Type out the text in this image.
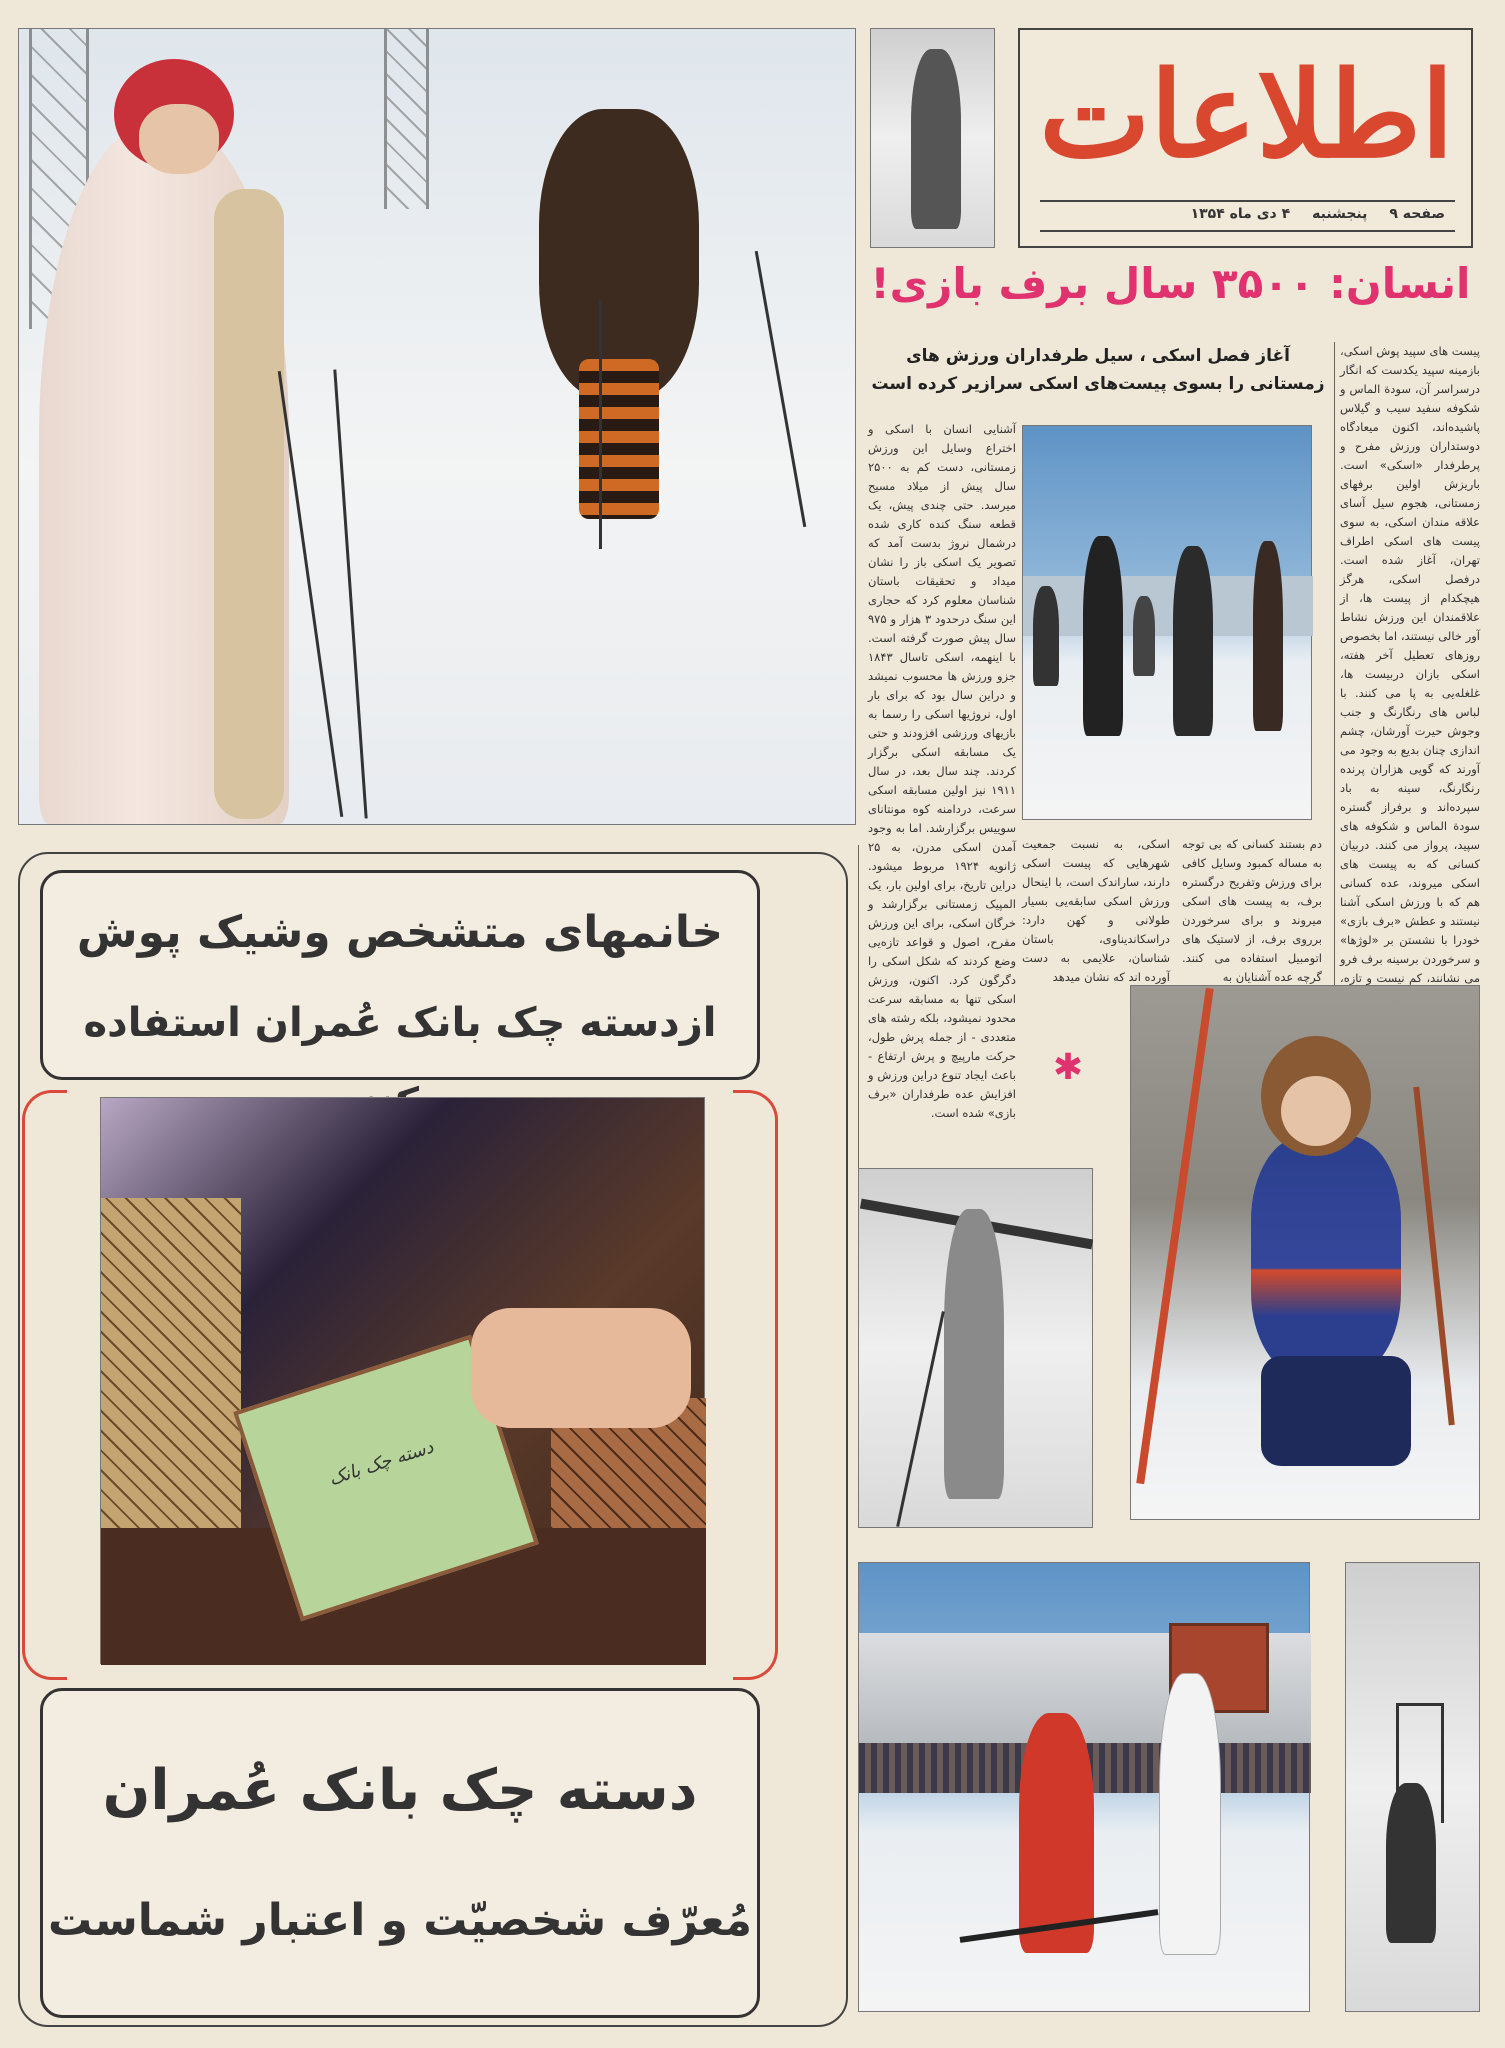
اطلاعات
صفحه ۹
پنجشنبه
۴ دی ماه ۱۳۵۴
انسان: ۳۵۰۰ سال برف بازی!
آغاز فصل اسکی ، سیل طرفداران ورزش های
زمستانی را بسوی پیست‌های اسکی سرازیر کرده است
پیست های سپید پوش اسکی، بازمینه سپید یکدست که انگار درسراسر آن، سودة الماس و شکوفه سفید سیب و گیلاس پاشیده‌اند، اکنون میعادگاه دوستداران ورزش مفرح و پرطرفدار «اسکی» است. باریزش اولین برفهای زمستانی، هجوم سیل آسای علاقه مندان اسکی، به سوی پیست های اسکی اطراف تهران، آغاز شده است. درفصل اسکی، هرگز هیچکدام از پیست ها، از علاقمندان این ورزش نشاط آور خالی نیستند، اما بخصوص روزهای تعطیل آخر هفته، اسکی بازان دربیست ها، غلغله‌یی به پا می کنند. با لباس های رنگارنگ و جنب وجوش حیرت آورشان، چشم اندازی چنان بدیع به وجود می آورند که گویی هزاران پرنده رنگارنگ، سینه به باد سپرده‌اند و برفراز گستره سودة الماس و شکوفه های سپید، پرواز می کنند. دربیان کسانی که به پیست های اسکی میروند، عده کسانی هم که با ورزش اسکی آشنا نیستند و عطش «برف بازی» خودرا با نشستن بر «لوژها» و سرخوردن برسینه برف فرو می نشانند، کم نیست و تازه،
آشنایی انسان با اسکی و اختراع وسایل این ورزش زمستانی، دست کم به ۲۵۰۰ سال پیش از میلاد مسیح میرسد. حتی چندی پیش، یک قطعه سنگ کنده کاری شده درشمال نروژ بدست آمد که تصویر یک اسکی باز را نشان میداد و تحقیقات باستان شناسان معلوم کرد که حجاری این سنگ درحدود ۳ هزار و ۹۷۵ سال پیش صورت گرفته است. با اینهمه، اسکی تاسال ۱۸۴۳ جزو ورزش ها محسوب نمیشد و دراین سال بود که برای بار اول، نروژیها اسکی را رسما به بازیهای ورزشی افزودند و حتی یک مسابقه اسکی برگزار کردند. چند سال بعد، در سال ۱۹۱۱ نیز اولین مسابقه اسکی سرعت، دردامنه کوه مونتانای سوییس برگزارشد. اما به وجود آمدن اسکی مدرن، به ۲۵ ژانویه ۱۹۲۴ مربوط میشود. دراین تاریخ، برای اولین بار، یک المپیک زمستانی برگزارشد و خرگان اسکی، برای این ورزش مفرح، اصول و قواعد تازه‌یی وضع کردند که شکل اسکی را دگرگون کرد. اکنون، ورزش اسکی تنها به مسابقه سرعت محدود نمیشود، بلکه رشته های متعددی - از جمله پرش طول، حرکت مارپیچ و پرش ارتفاع - باعث ایجاد تنوع دراین ورزش و افزایش عده طرفداران «برف بازی» شده است.
دم بستند کسانی که بی توجه به مساله کمبود وسایل کافی برای ورزش وتفریح درگستره برف، به پیست های اسکی میروند و برای سرخوردن برروی برف، از لاستیک های اتومبیل استفاده می کنند. گرچه عده آشنایان به
اسکی، به نسبت جمعیت شهرهایی که پیست اسکی دارند، ساراندک است، با اینحال ورزش اسکی سابقه‌یی بسیار طولانی و کهن دارد: دراسکاندیناوی، باستان شناسان، علایمی به دست آورده اند که نشان میدهد
✱
خانمهای متشخص وشیک پوش
ازدسته چک بانک عُمران استفاده
دسته چک بانک
دسته چک بانک عُمران
مُعرّف شخصیّت و اعتبار شماست
